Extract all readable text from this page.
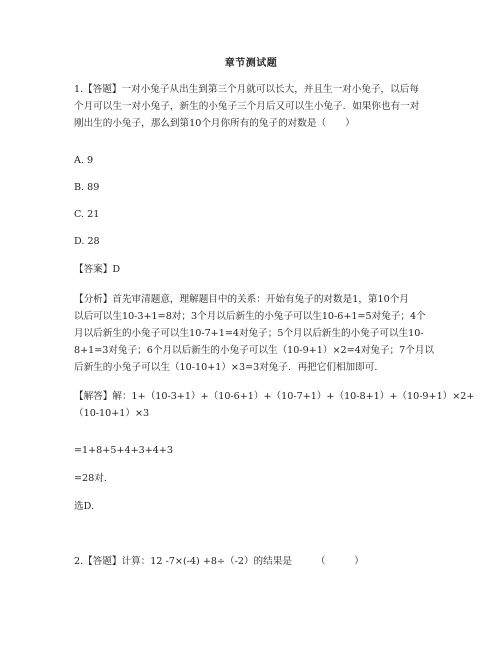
章节测试题
1.【答题】一对小兔子从出生到第三个月就可以长大，并且生一对小兔子，以后每
个月可以生一对小兔子，新生的小兔子三个月后又可以生小兔子．如果你也有一对
刚出生的小兔子，那么到第10个月你所有的兔子的对数是（　　）
A. 9
B. 89
C. 21
D. 28
【答案】D
【分析】首先审清题意，理解题目中的关系：开始有兔子的对数是1，第10个月
以后可以生10-3+1=8对；3个月以后新生的小兔子可以生10-6+1=5对兔子；4个
月以后新生的小兔子可以生10-7+1=4对兔子；5个月以后新生的小兔子可以生10-
8+1=3对兔子；6个月以后新生的小兔子可以生（10-9+1）×2=4对兔子；7个月以
后新生的小兔子可以生（10-10+1）×3=3对兔子．再把它们相加即可.
【解答】解：1+（10-3+1）+（10-6+1）+（10-7+1）+（10-8+1）+（10-9+1）×2+
（10-10+1）×3
=1+8+5+4+3+4+3
=28对.
选D.
2.【答题】计算：12 -7×(-4) +8÷（-2）的结果是　　　（　　　）
